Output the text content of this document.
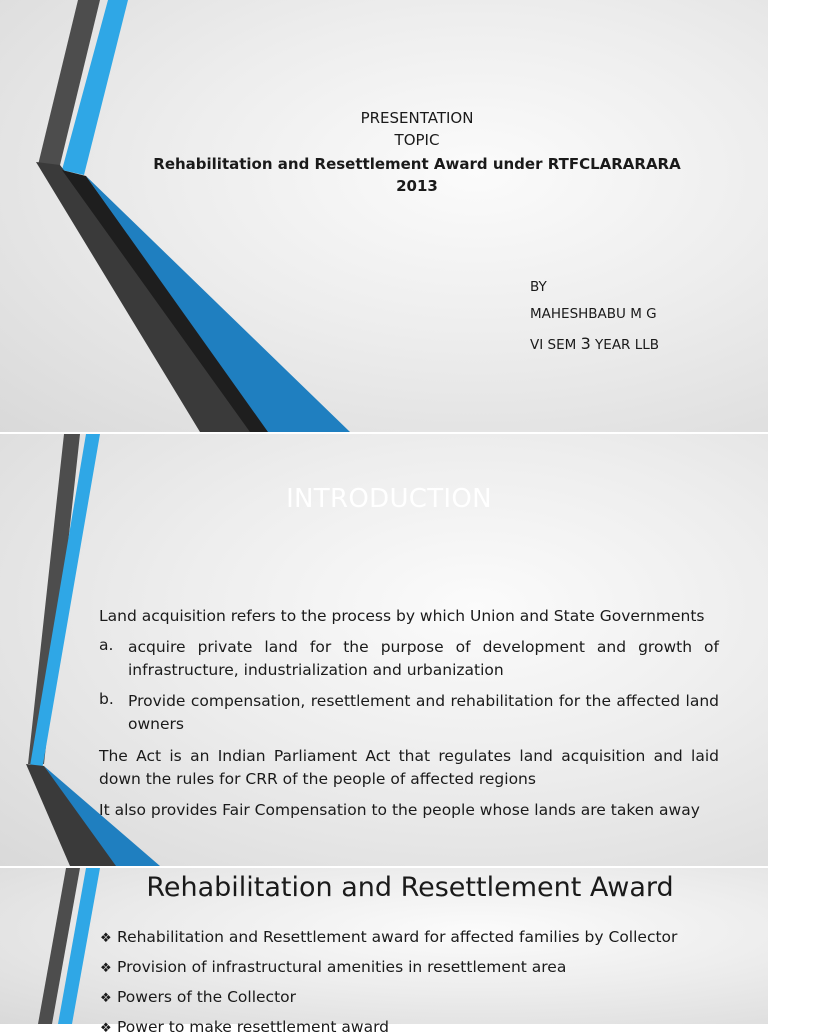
PRESENTATION

TOPIC

Rehabilitation and Resettlement Award under RTFCLARARARA

2013

BY

MAHESHBABU M G

VI SEM 3 YEAR LLB

INTRODUCTION

Land acquisition refers to the process by which Union and State Governments

a. acquire private land for the purpose of development and growth of infrastructure, industrialization and urbanization

b. Provide compensation, resettlement and rehabilitation for the affected land owners

The Act is an Indian Parliament Act that regulates land acquisition and laid down the rules for CRR of the people of affected regions

It also provides Fair Compensation to the people whose lands are taken away

Rehabilitation and Resettlement Award

❖ Rehabilitation and Resettlement award for affected families by Collector
❖ Provision of infrastructural amenities in resettlement area
❖ Powers of the Collector
❖ Power to make resettlement award
